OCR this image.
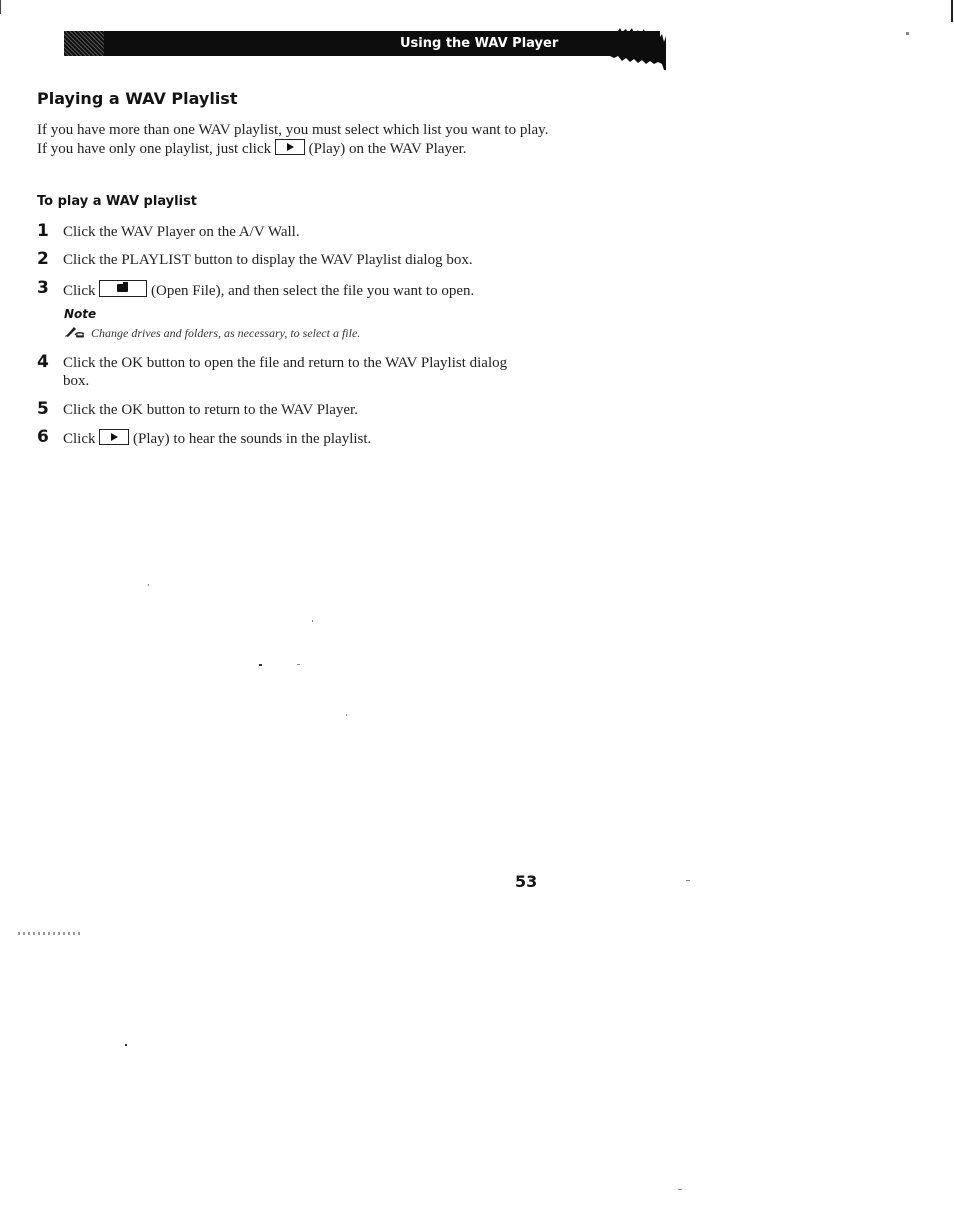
Using the WAV Player
Playing a WAV Playlist

If you have more than one WAV playlist, you must select which list you want to play. If you have only one playlist, just click	(Play) on the WAV Player.

To play a WAV playlist
1 Click the WAV Player on the A/V Wall.
2 Click the PLAYLIST button to display the WAV Playlist dialog box.
3 Click	(Open File), and then select the file you want to open.
Note
Change drives and folders, as necessary, to select a file.
4 Click the OK button to open the file and return to the WAV Playlist dialog box.
5 Click the OK button to return to the WAV Player.
6 Click	(Play) to hear the sounds in the playlist.
53
